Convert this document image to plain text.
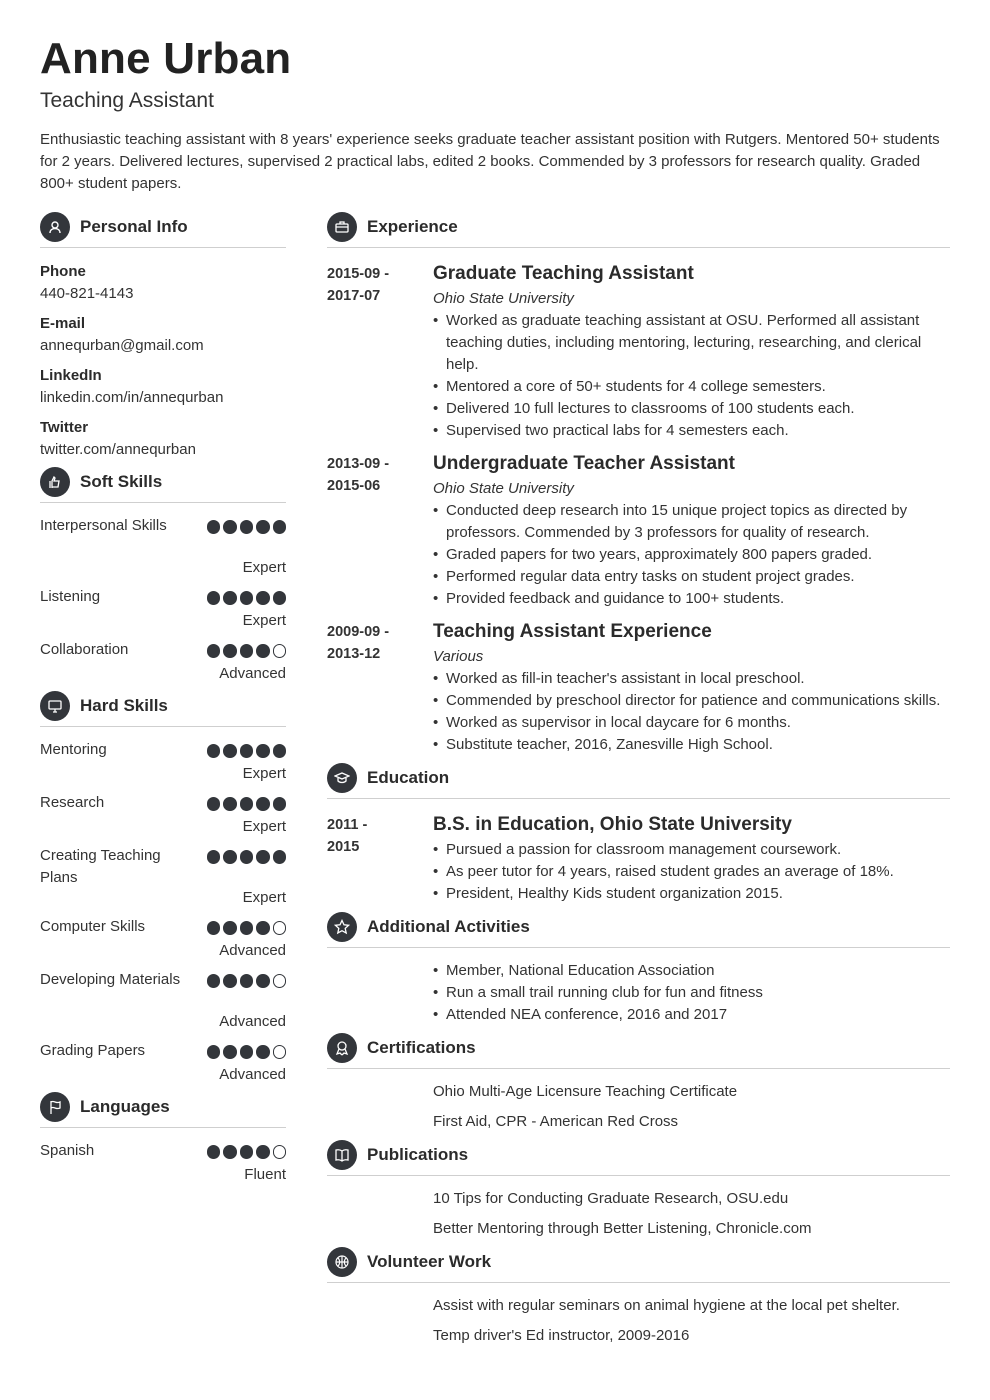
Anne Urban
Teaching Assistant
Enthusiastic teaching assistant with 8 years' experience seeks graduate teacher assistant position with Rutgers. Mentored 50+ students for 2 years. Delivered lectures, supervised 2 practical labs, edited 2 books. Commended by 3 professors for research quality. Graded 800+ student papers.
Personal Info
Phone
440-821-4143
E-mail
annequrban@gmail.com
LinkedIn
linkedin.com/in/annequrban
Twitter
twitter.com/annequrban
Soft Skills
Interpersonal Skills
Expert
Listening
Expert
Collaboration
Advanced
Hard Skills
Mentoring
Expert
Research
Expert
Creating Teaching Plans
Expert
Computer Skills
Advanced
Developing Materials
Advanced
Grading Papers
Advanced
Languages
Spanish
Fluent
Experience
2015-09 -
2017-07
Graduate Teaching Assistant
Ohio State University
• Worked as graduate teaching assistant at OSU. Performed all assistant teaching duties, including mentoring, lecturing, researching, and clerical help.
• Mentored a core of 50+ students for 4 college semesters.
• Delivered 10 full lectures to classrooms of 100 students each.
• Supervised two practical labs for 4 semesters each.
2013-09 -
2015-06
Undergraduate Teacher Assistant
Ohio State University
• Conducted deep research into 15 unique project topics as directed by professors. Commended by 3 professors for quality of research.
• Graded papers for two years, approximately 800 papers graded.
• Performed regular data entry tasks on student project grades.
• Provided feedback and guidance to 100+ students.
2009-09 -
2013-12
Teaching Assistant Experience
Various
• Worked as fill-in teacher's assistant in local preschool.
• Commended by preschool director for patience and communications skills.
• Worked as supervisor in local daycare for 6 months.
• Substitute teacher, 2016, Zanesville High School.
Education
2011 -
2015
B.S. in Education, Ohio State University
• Pursued a passion for classroom management coursework.
• As peer tutor for 4 years, raised student grades an average of 18%.
• President, Healthy Kids student organization 2015.
Additional Activities
• Member, National Education Association
• Run a small trail running club for fun and fitness
• Attended NEA conference, 2016 and 2017
Certifications
Ohio Multi-Age Licensure Teaching Certificate
First Aid, CPR - American Red Cross
Publications
10 Tips for Conducting Graduate Research, OSU.edu
Better Mentoring through Better Listening, Chronicle.com
Volunteer Work
Assist with regular seminars on animal hygiene at the local pet shelter.
Temp driver's Ed instructor, 2009-2016
